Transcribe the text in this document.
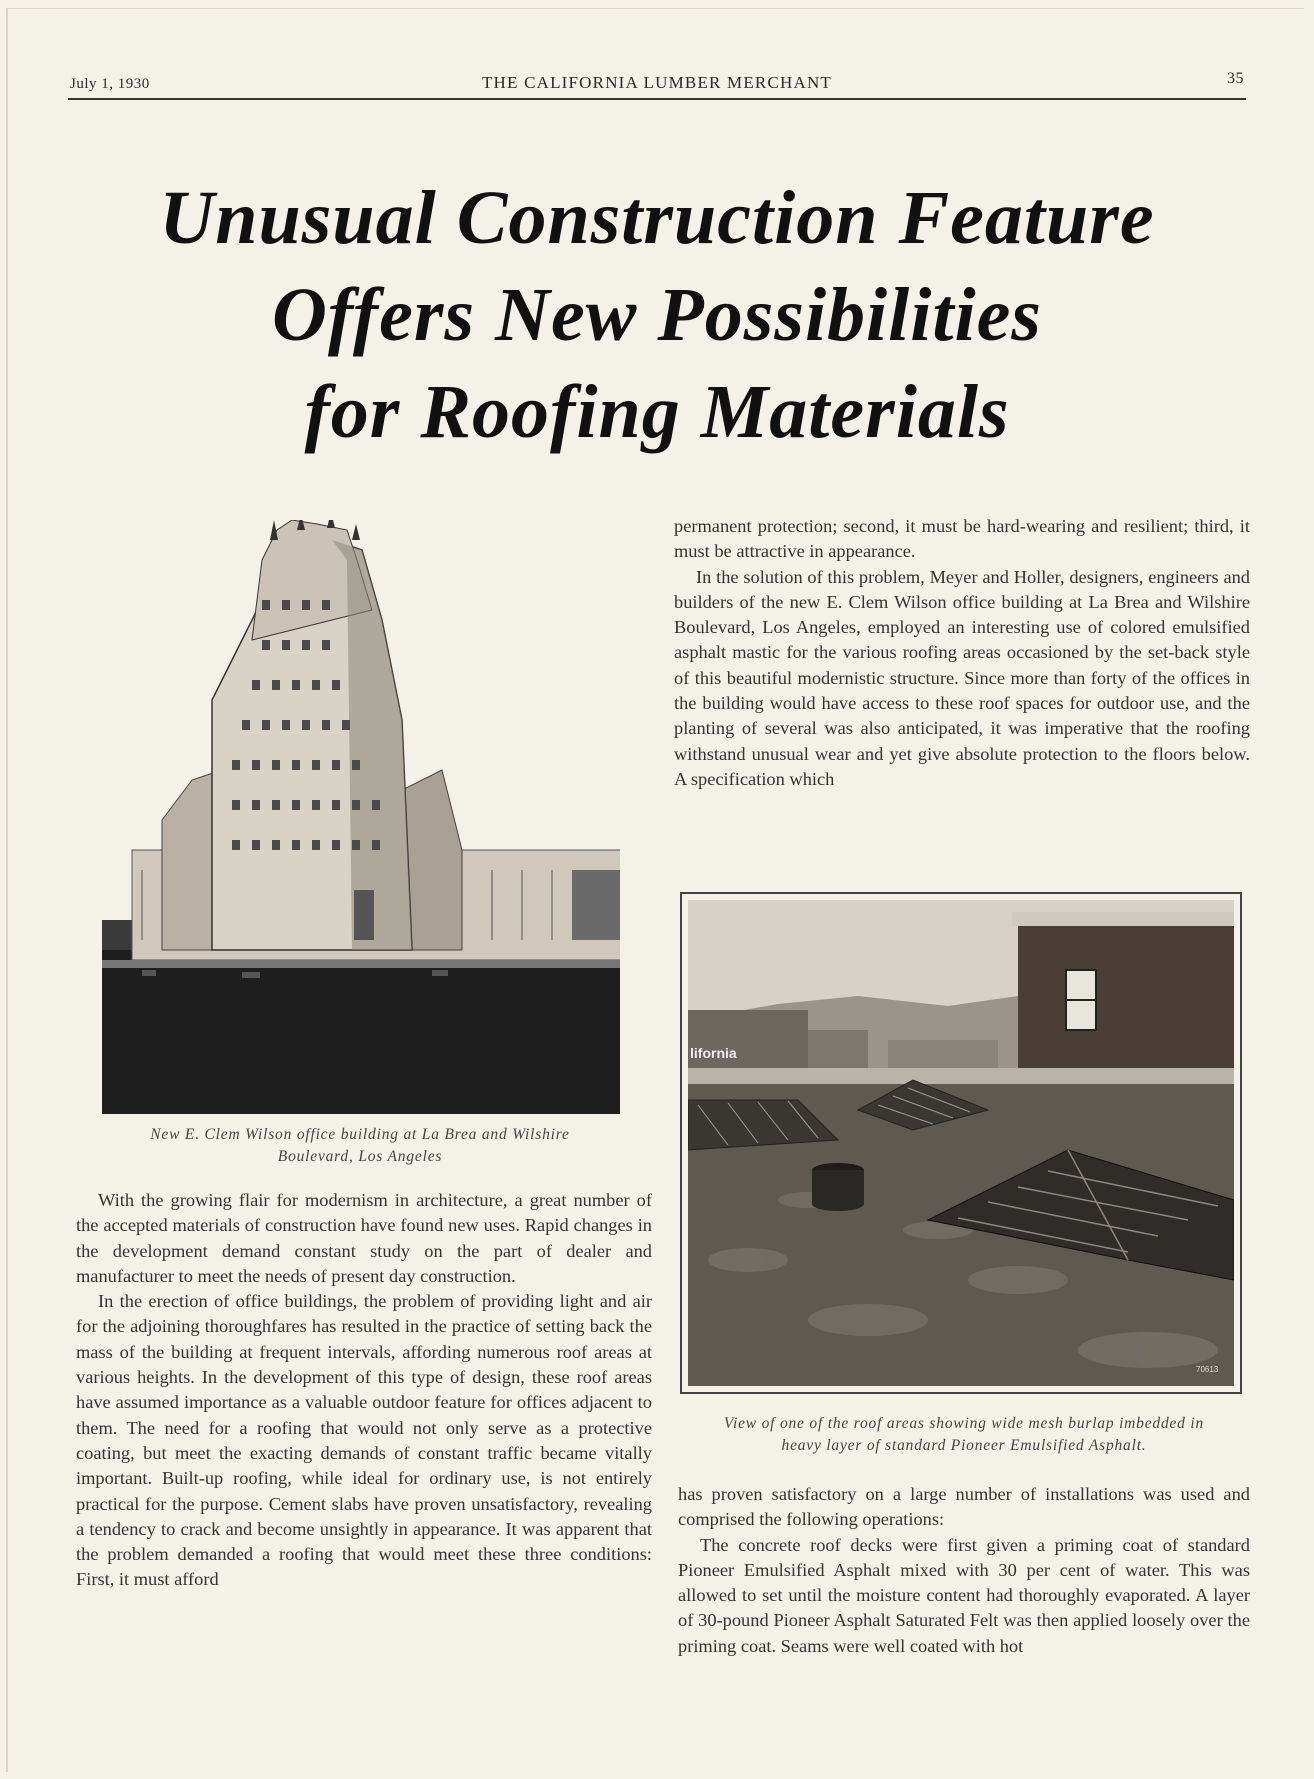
July 1, 1930	THE CALIFORNIA LUMBER MERCHANT	35
Unusual Construction Feature
Offers New Possibilities
for Roofing Materials
New E. Clem Wilson office building at La Brea and Wilshire
Boulevard, Los Angeles

With the growing flair for modernism in architecture, a great number of the accepted materials of construction have found new uses. Rapid changes in the development demand constant study on the part of dealer and manufacturer to meet the needs of present day construction.

In the erection of office buildings, the problem of providing light and air for the adjoining thoroughfares has resulted in the practice of setting back the mass of the building at frequent intervals, affording numerous roof areas at various heights. In the development of this type of design, these roof areas have assumed importance as a valuable outdoor feature for offices adjacent to them. The need for a roofing that would not only serve as a protective coating, but meet the exacting demands of constant traffic became vitally important. Built-up roofing, while ideal for ordinary use, is not entirely practical for the purpose. Cement slabs have proven unsatisfactory, revealing a tendency to crack and become unsightly in appearance. It was apparent that the problem demanded a roofing that would meet these three conditions: First, it must afford

permanent protection; second, it must be hard-wearing and resilient; third, it must be attractive in appearance.

In the solution of this problem, Meyer and Holler, designers, engineers and builders of the new E. Clem Wilson office building at La Brea and Wilshire Boulevard, Los Angeles, employed an interesting use of colored emulsified asphalt mastic for the various roofing areas occasioned by the set-back style of this beautiful modernistic structure. Since more than forty of the offices in the building would have access to these roof spaces for outdoor use, and the planting of several was also anticipated, it was imperative that the roofing withstand unusual wear and yet give absolute protection to the floors below. A specification which

lifornia
70613
View of one of the roof areas showing wide mesh burlap imbedded in
heavy layer of standard Pioneer Emulsified Asphalt.

has proven satisfactory on a large number of installations was used and comprised the following operations:

The concrete roof decks were first given a priming coat of standard Pioneer Emulsified Asphalt mixed with 30 per cent of water. This was allowed to set until the moisture content had thoroughly evaporated. A layer of 30-pound Pioneer Asphalt Saturated Felt was then applied loosely over the priming coat. Seams were well coated with hot
